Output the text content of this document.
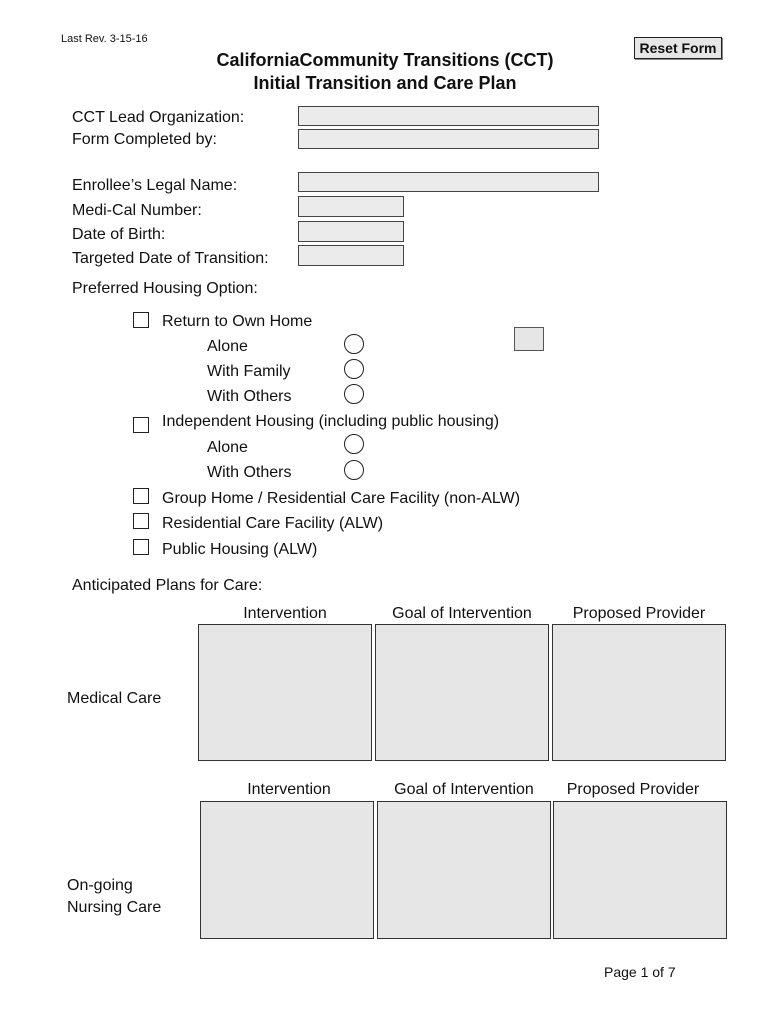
Last Rev. 3-15-16
CaliforniaCommunity Transitions (CCT)
Initial Transition and Care Plan
Reset Form
CCT Lead Organization:
Form Completed by:
Enrollee’s Legal Name:
Medi-Cal Number:
Date of Birth:
Targeted Date of Transition:
Preferred Housing Option:
Return to Own Home
Alone
With Family
With Others
Independent Housing (including public housing)
Alone
With Others
Group Home / Residential Care Facility (non-ALW)
Residential Care Facility (ALW)
Public Housing (ALW)
Anticipated Plans for Care:
Intervention	Goal of Intervention	Proposed Provider
Medical Care
Intervention	Goal of Intervention	Proposed Provider
On-going
Nursing Care
Page 1 of 7
